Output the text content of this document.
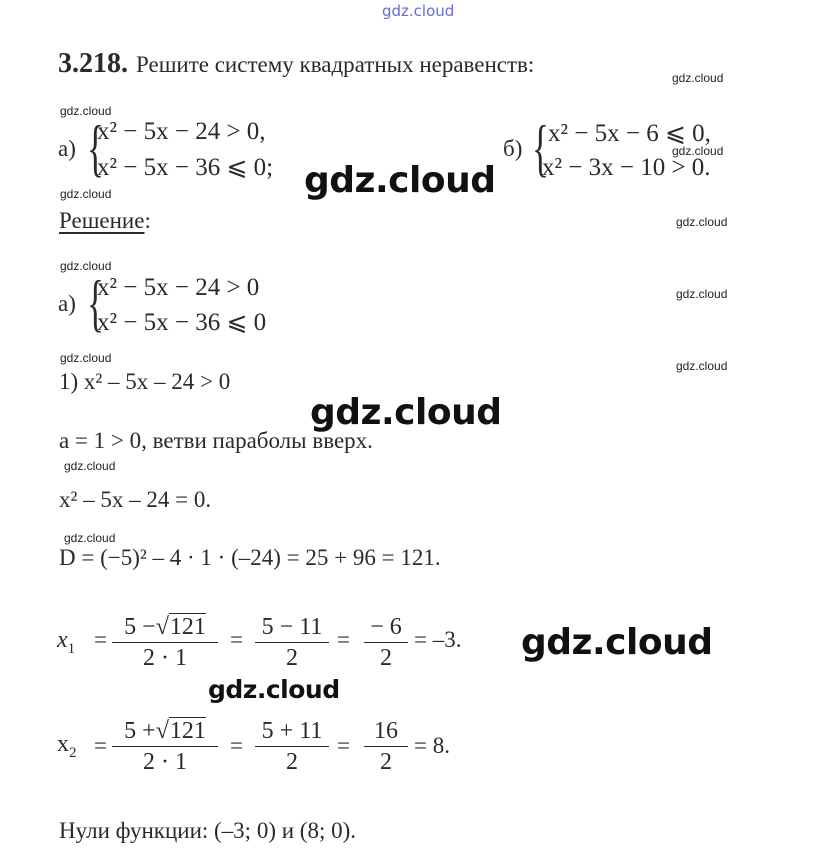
gdz.cloud
gdz.cloud
gdz.cloud
gdz.cloud
gdz.cloud
gdz.cloud
gdz.cloud
gdz.cloud
gdz.cloud
gdz.cloud
gdz.cloud
gdz.cloud
gdz.cloud
gdz.cloud
gdz.cloud
gdz.cloud
3.218. Решите систему квадратных неравенств:
а) {
x² − 5x − 24 > 0,
x² − 5x − 36 ⩽ 0;
б) { x² − 5x − 6 ⩽ 0,
x² − 3x − 10 > 0.
Решение:
а) {
x² − 5x − 24 > 0
x² − 5x − 36 ⩽ 0
1) x² – 5x – 24 > 0
a = 1 > 0, ветви параболы вверх.
x² – 5x – 24 = 0.
D = (−5)² – 4 · 1 · (–24) = 25 + 96 = 121.
$x_1 = \frac{5 -√121}{2 \cdot 1} = \frac{5 - 11}{2} = \frac{- 6}{2} = -3$.
$x_2 = \frac{5 +√121}{2 \cdot 1} = \frac{5 + 11}{2} = \frac{16}{2} = 8$.
Нули функции: (–3; 0) и (8; 0).
